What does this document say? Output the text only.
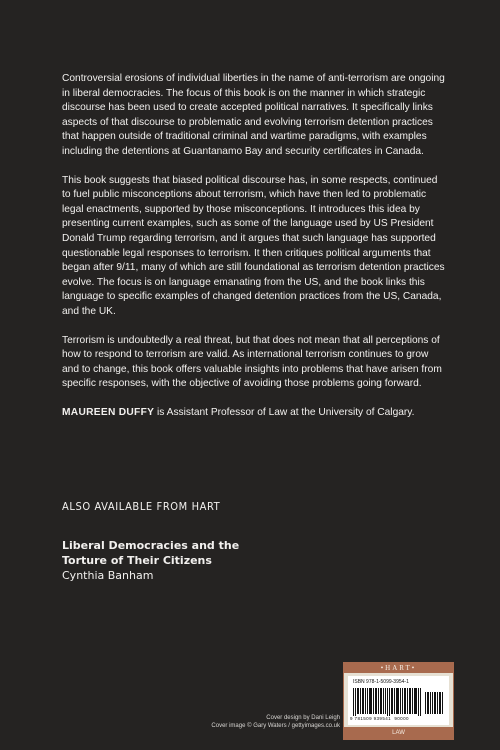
Controversial erosions of individual liberties in the name of anti-terrorism are ongoing in liberal democracies. The focus of this book is on the manner in which strategic discourse has been used to create accepted political narratives. It specifically links aspects of that discourse to problematic and evolving terrorism detention practices that happen outside of traditional criminal and wartime paradigms, with examples including the detentions at Guantanamo Bay and security certificates in Canada.

This book suggests that biased political discourse has, in some respects, continued to fuel public misconceptions about terrorism, which have then led to problematic legal enactments, supported by those misconceptions. It introduces this idea by presenting current examples, such as some of the language used by US President Donald Trump regarding terrorism, and it argues that such language has supported questionable legal responses to terrorism. It then critiques political arguments that began after 9/11, many of which are still foundational as terrorism detention practices evolve. The focus is on language emanating from the US, and the book links this language to specific examples of changed detention practices from the US, Canada, and the UK.

Terrorism is undoubtedly a real threat, but that does not mean that all perceptions of how to respond to terrorism are valid. As international terrorism continues to grow and to change, this book offers valuable insights into problems that have arisen from specific responses, with the objective of avoiding those problems going forward.

MAUREEN DUFFY is Assistant Professor of Law at the University of Calgary.

ALSO AVAILABLE FROM HART
Liberal Democracies and the
Torture of Their Citizens
Cynthia Banham
Cover design by Dani Leigh
Cover image © Gary Waters / gettyimages.co.uk
•HART•
ISBN 978-1-5099-3954-1
9 781509 939541 90000
LAW
